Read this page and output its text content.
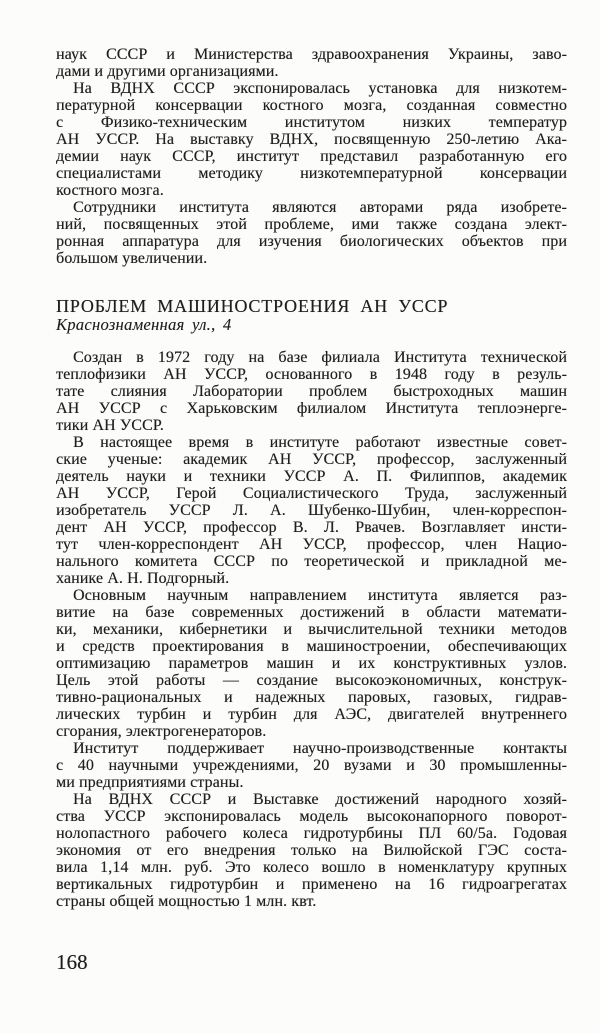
наук СССР и Министерства здравоохранения Украины, заво-
дами и другими организациями.
На ВДНХ СССР экспонировалась установка для низкотем-
пературной консервации костного мозга, созданная совместно
с Физико-техническим институтом низких температур
АН УССР. На выставку ВДНХ, посвященную 250-летию Ака-
демии наук СССР, институт представил разработанную его
специалистами методику низкотемпературной консервации
костного мозга.
Сотрудники института являются авторами ряда изобрете-
ний, посвященных этой проблеме, ими также создана элект-
ронная аппаратура для изучения биологических объектов при
большом увеличении.
ПРОБЛЕМ МАШИНОСТРОЕНИЯ АН УССР

Краснознаменная ул., 4

Создан в 1972 году на базе филиала Института технической
теплофизики АН УССР, основанного в 1948 году в резуль-
тате слияния Лаборатории проблем быстроходных машин
АН УССР с Харьковским филиалом Института теплоэнерге-
тики АН УССР.
В настоящее время в институте работают известные совет-
ские ученые: академик АН УССР, профессор, заслуженный
деятель науки и техники УССР А. П. Филиппов, академик
АН УССР, Герой Социалистического Труда, заслуженный
изобретатель УССР Л. А. Шубенко-Шубин, член-корреспон-
дент АН УССР, профессор В. Л. Рвачев. Возглавляет инсти-
тут член-корреспондент АН УССР, профессор, член Нацио-
нального комитета СССР по теоретической и прикладной ме-
ханике А. Н. Подгорный.
Основным научным направлением института является раз-
витие на базе современных достижений в области математи-
ки, механики, кибернетики и вычислительной техники методов
и средств проектирования в машиностроении, обеспечивающих
оптимизацию параметров машин и их конструктивных узлов.
Цель этой работы — создание высокоэкономичных, конструк-
тивно-рациональных и надежных паровых, газовых, гидрав-
лических турбин и турбин для АЭС, двигателей внутреннего
сгорания, электрогенераторов.
Институт поддерживает научно-производственные контакты
с 40 научными учреждениями, 20 вузами и 30 промышленны-
ми предприятиями страны.
На ВДНХ СССР и Выставке достижений народного хозяй-
ства УССР экспонировалась модель высоконапорного поворот-
нолопастного рабочего колеса гидротурбины ПЛ 60/5а. Годовая
экономия от его внедрения только на Вилюйской ГЭС соста-
вила 1,14 млн. руб. Это колесо вошло в номенклатуру крупных
вертикальных гидротурбин и применено на 16 гидроагрегатах
страны общей мощностью 1 млн. квт.
168
